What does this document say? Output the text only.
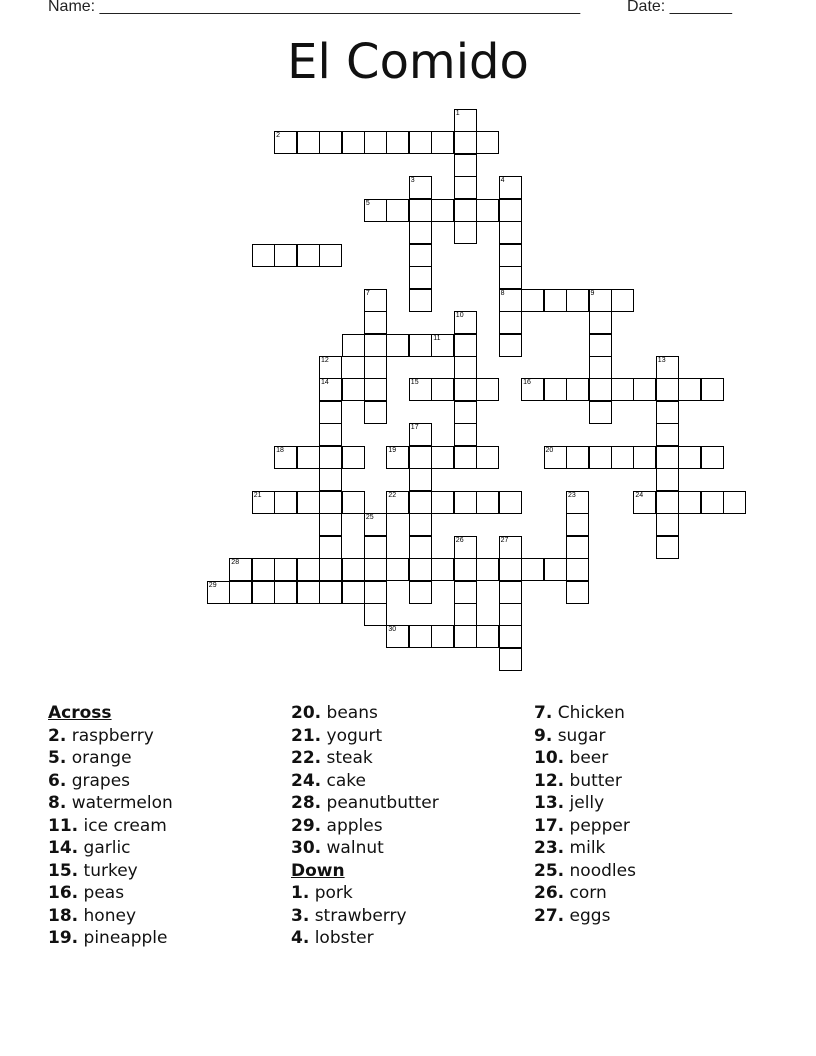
Name: ______________________________________________________	Date: _______
El Comido
2
5
8	9
11
14	15	16
18	19	20
21	22	24
28
29
30
1
3	4
7
10
12	13
17
23
25
26	27
Across
2. raspberry
5. orange
6. grapes
8. watermelon
11. ice cream
14. garlic
15. turkey
16. peas
18. honey
19. pineapple
20. beans
21. yogurt
22. steak
24. cake
28. peanutbutter
29. apples
30. walnut
Down
1. pork
3. strawberry
4. lobster
7. Chicken
9. sugar
10. beer
12. butter
13. jelly
17. pepper
23. milk
25. noodles
26. corn
27. eggs
